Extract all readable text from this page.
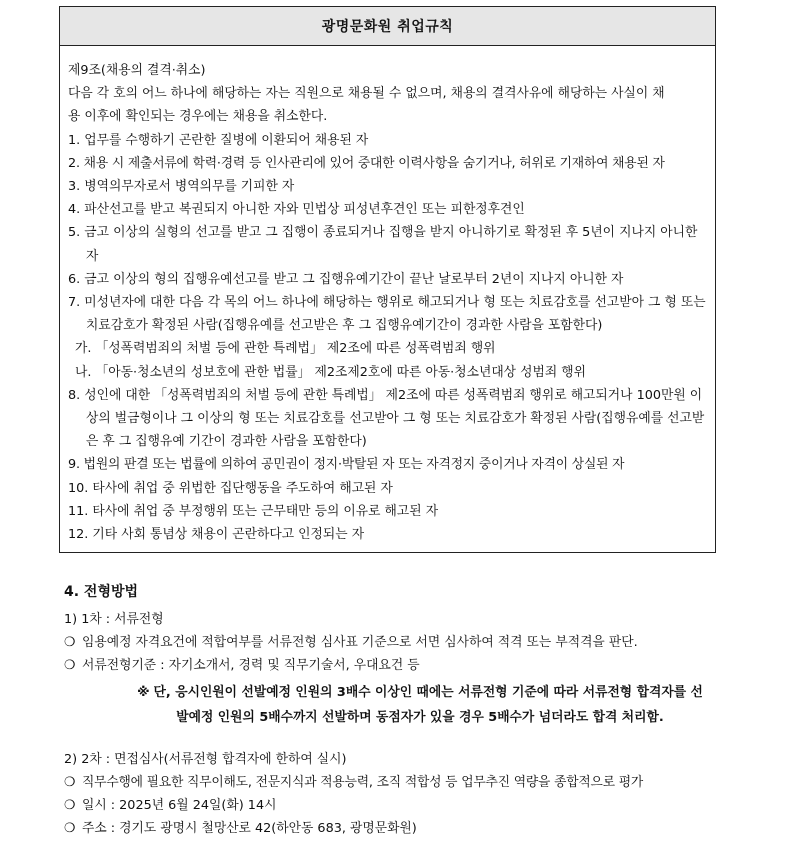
광명문화원 취업규칙
제9조(채용의 결격·취소)
다음 각 호의 어느 하나에 해당하는 자는 직원으로 채용될 수 없으며, 채용의 결격사유에 해당하는 사실이 채
용 이후에 확인되는 경우에는 채용을 취소한다.
1. 업무를 수행하기 곤란한 질병에 이환되어 채용된 자
2. 채용 시 제출서류에 학력·경력 등 인사관리에 있어 중대한 이력사항을 숨기거나, 허위로 기재하여 채용된 자
3. 병역의무자로서 병역의무를 기피한 자
4. 파산선고를 받고 복권되지 아니한 자와 민법상 피성년후견인 또는 피한정후견인
5. 금고 이상의 실형의 선고를 받고 그 집행이 종료되거나 집행을 받지 아니하기로 확정된 후 5년이 지나지 아니한 자
6. 금고 이상의 형의 집행유예선고를 받고 그 집행유예기간이 끝난 날로부터 2년이 지나지 아니한 자
7. 미성년자에 대한 다음 각 목의 어느 하나에 해당하는 행위로 해고되거나 형 또는 치료감호를 선고받아 그 형 또는 치료감호가 확정된 사람(집행유예를 선고받은 후 그 집행유예기간이 경과한 사람을 포함한다)
가. 「성폭력범죄의 처벌 등에 관한 특례법」 제2조에 따른 성폭력범죄 행위
나. 「아동·청소년의 성보호에 관한 법률」 제2조제2호에 따른 아동·청소년대상 성범죄 행위
8. 성인에 대한 「성폭력범죄의 처벌 등에 관한 특례법」 제2조에 따른 성폭력범죄 행위로 해고되거나 100만원 이상의 벌금형이나 그 이상의 형 또는 치료감호를 선고받아 그 형 또는 치료감호가 확정된 사람(집행유예를 선고받은 후 그 집행유예 기간이 경과한 사람을 포함한다)
9. 법원의 판결 또는 법률에 의하여 공민권이 정지·박탈된 자 또는 자격정지 중이거나 자격이 상실된 자
10. 타사에 취업 중 위법한 집단행동을 주도하여 해고된 자
11. 타사에 취업 중 부정행위 또는 근무태만 등의 이유로 해고된 자
12. 기타 사회 통념상 채용이 곤란하다고 인정되는 자
4. 전형방법
1) 1차 : 서류전형
❍ 임용예정 자격요건에 적합여부를 서류전형 심사표 기준으로 서면 심사하여 적격 또는 부적격을 판단.
❍ 서류전형기준 : 자기소개서, 경력 및 직무기술서, 우대요건 등
※ 단, 응시인원이 선발예정 인원의 3배수 이상인 때에는 서류전형 기준에 따라 서류전형 합격자를 선
발예정 인원의 5배수까지 선발하며 동점자가 있을 경우 5배수가 넘더라도 합격 처리함.
2) 2차 : 면접심사(서류전형 합격자에 한하여 실시)
❍ 직무수행에 필요한 직무이해도, 전문지식과 적용능력, 조직 적합성 등 업무추진 역량을 종합적으로 평가
❍ 일시 : 2025년 6월 24일(화) 14시
❍ 주소 : 경기도 광명시 철망산로 42(하안동 683, 광명문화원)
